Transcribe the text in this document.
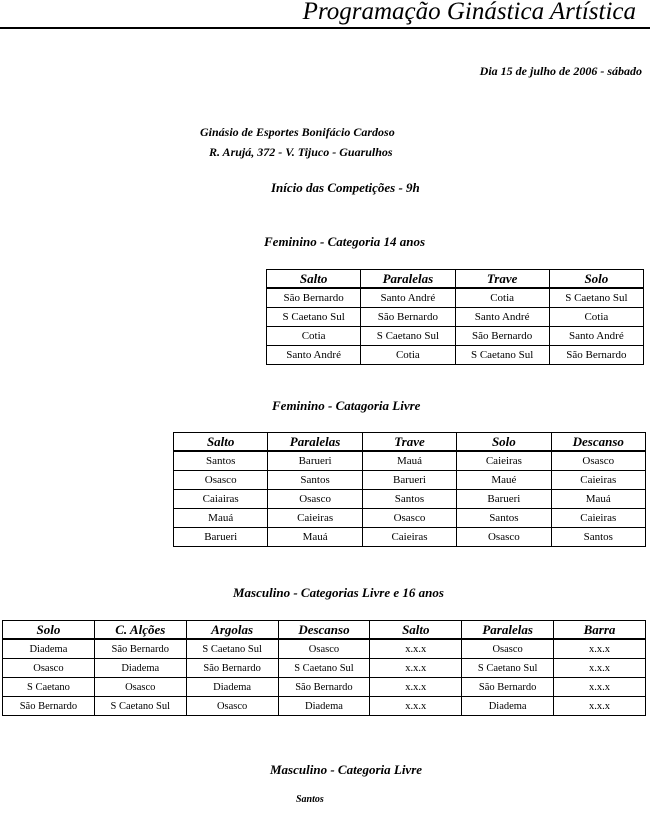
Programação Ginástica Artística
Dia 15 de julho de 2006 - sábado
Ginásio de Esportes Bonifácio Cardoso
R. Arujá, 372 - V. Tijuco - Guarulhos
Início das Competições - 9h
Feminino - Categoria 14 anos
Salto	Paralelas	Trave	Solo
São Bernardo	Santo André	Cotia	S Caetano Sul
S Caetano Sul	São Bernardo	Santo André	Cotia
Cotia	S Caetano Sul	São Bernardo	Santo André
Santo André	Cotia	S Caetano Sul	São Bernardo
Feminino - Catagoria Livre
Salto	Paralelas	Trave	Solo	Descanso
Santos	Barueri	Mauá	Caieiras	Osasco
Osasco	Santos	Barueri	Maué	Caieiras
Caiairas	Osasco	Santos	Barueri	Mauá
Mauá	Caieiras	Osasco	Santos	Caieiras
Barueri	Mauá	Caieiras	Osasco	Santos
Masculino - Categorias Livre e 16 anos
Solo	C. Alções	Argolas	Descanso	Salto	Paralelas	Barra
Diadema	São Bernardo	S Caetano Sul	Osasco	x.x.x	Osasco	x.x.x
Osasco	Diadema	São Bernardo	S Caetano Sul	x.x.x	S Caetano Sul	x.x.x
S Caetano	Osasco	Diadema	São Bernardo	x.x.x	São Bernardo	x.x.x
São Bernardo	S Caetano Sul	Osasco	Diadema	x.x.x	Diadema	x.x.x
Masculino - Categoria Livre
Santos
